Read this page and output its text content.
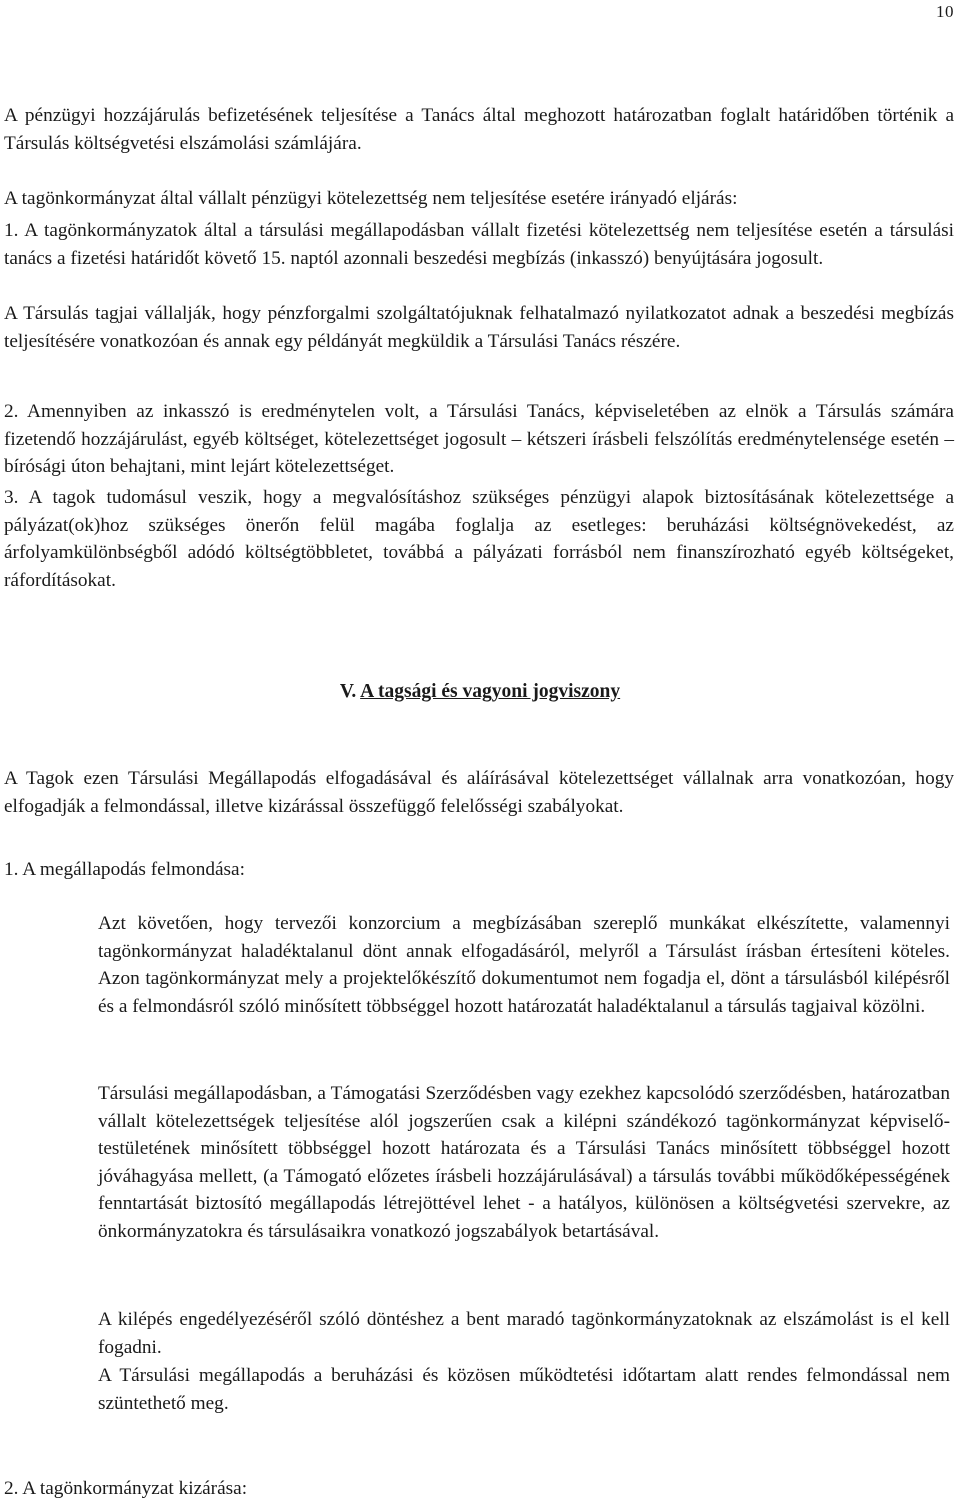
10

A pénzügyi hozzájárulás befizetésének teljesítése a Tanács által meghozott határozatban foglalt határidőben történik a Társulás költségvetési elszámolási számlájára.

A tagönkormányzat által vállalt pénzügyi kötelezettség nem teljesítése esetére irányadó eljárás:

1. A tagönkormányzatok által a társulási megállapodásban vállalt fizetési kötelezettség nem teljesítése esetén a társulási tanács a fizetési határidőt követő 15. naptól azonnali beszedési megbízás (inkasszó) benyújtására jogosult.

A Társulás tagjai vállalják, hogy pénzforgalmi szolgáltatójuknak felhatalmazó nyilatkozatot adnak a beszedési megbízás teljesítésére vonatkozóan és annak egy példányát megküldik a Társulási Tanács részére.

2. Amennyiben az inkasszó is eredménytelen volt, a Társulási Tanács, képviseletében az elnök a Társulás számára fizetendő hozzájárulást, egyéb költséget, kötelezettséget jogosult – kétszeri írásbeli felszólítás eredménytelensége esetén – bírósági úton behajtani, mint lejárt kötelezettséget.

3. A tagok tudomásul veszik, hogy a megvalósításhoz szükséges pénzügyi alapok biztosításának kötelezettsége a pályázat(ok)hoz szükséges önerőn felül magába foglalja az esetleges: beruházási költségnövekedést, az árfolyamkülönbségből adódó költségtöbbletet, továbbá a pályázati forrásból nem finanszírozható egyéb költségeket, ráfordításokat.

V. A tagsági és vagyoni jogviszony

A Tagok ezen Társulási Megállapodás elfogadásával és aláírásával kötelezettséget vállalnak arra vonatkozóan, hogy elfogadják a felmondással, illetve kizárással összefüggő felelősségi szabályokat.

1. A megállapodás felmondása:

Azt követően, hogy tervezői konzorcium a megbízásában szereplő munkákat elkészítette, valamennyi tagönkormányzat haladéktalanul dönt annak elfogadásáról, melyről a Társulást írásban értesíteni köteles. Azon tagönkormányzat mely a projektelőkészítő dokumentumot nem fogadja el, dönt a társulásból kilépésről és a felmondásról szóló minősített többséggel hozott határozatát haladéktalanul a társulás tagjaival közölni.

Társulási megállapodásban, a Támogatási Szerződésben vagy ezekhez kapcsolódó szerződésben, határozatban vállalt kötelezettségek teljesítése alól jogszerűen csak a kilépni szándékozó tagönkormányzat képviselő-testületének minősített többséggel hozott határozata és a Társulási Tanács minősített többséggel hozott jóváhagyása mellett, (a Támogató előzetes írásbeli hozzájárulásával) a társulás további működőképességének fenntartását biztosító megállapodás létrejöttével lehet - a hatályos, különösen a költségvetési szervekre, az önkormányzatokra és társulásaikra vonatkozó jogszabályok betartásával.

A kilépés engedélyezéséről szóló döntéshez a bent maradó tagönkormányzatoknak az elszámolást is el kell fogadni.

A Társulási megállapodás a beruházási és közösen működtetési időtartam alatt rendes felmondással nem szüntethető meg.

2. A tagönkormányzat kizárása:
